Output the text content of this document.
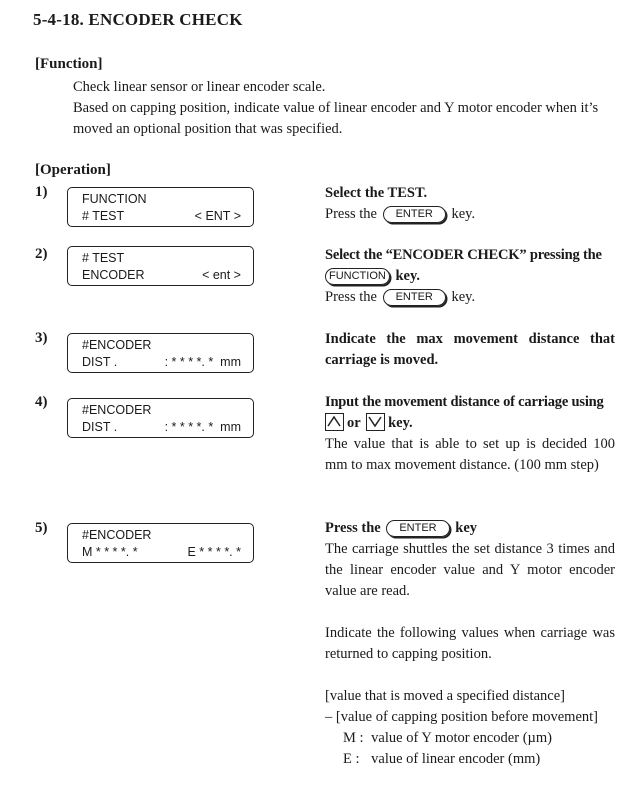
5-4-18. ENCODER CHECK
[Function]
Check linear sensor or linear encoder scale.
Based on capping position, indicate value of linear encoder and Y motor encoder when it’s
moved an optional position that was specified.
[Operation]
1)	FUNCTION
# TEST	< ENT >
Select the TEST.
Press the ENTER key.
2)	# TEST
ENCODER	< ent >
Select the “ENCODER CHECK” pressing the
FUNCTION key.
Press the ENTER key.
3)	#ENCODER
DIST .	: * * * *. *  mm
Indicate the max movement distance that carriage is moved.
4)	#ENCODER
DIST .	: * * * *. *  mm
Input the movement distance of carriage using
or key.
The value that is able to set up is decided 100 mm to max movement distance. (100 mm step)
5)	#ENCODER
M * * * *. *	E * * * *. *
Press the ENTER key
The carriage shuttles the set distance 3 times and the linear encoder value and Y motor encoder value are read.
Indicate the following values when carriage was returned to capping position.
[value that is moved a specified distance]
– [value of capping position before movement]
M : value of Y motor encoder (µm)
E : value of linear encoder (mm)
